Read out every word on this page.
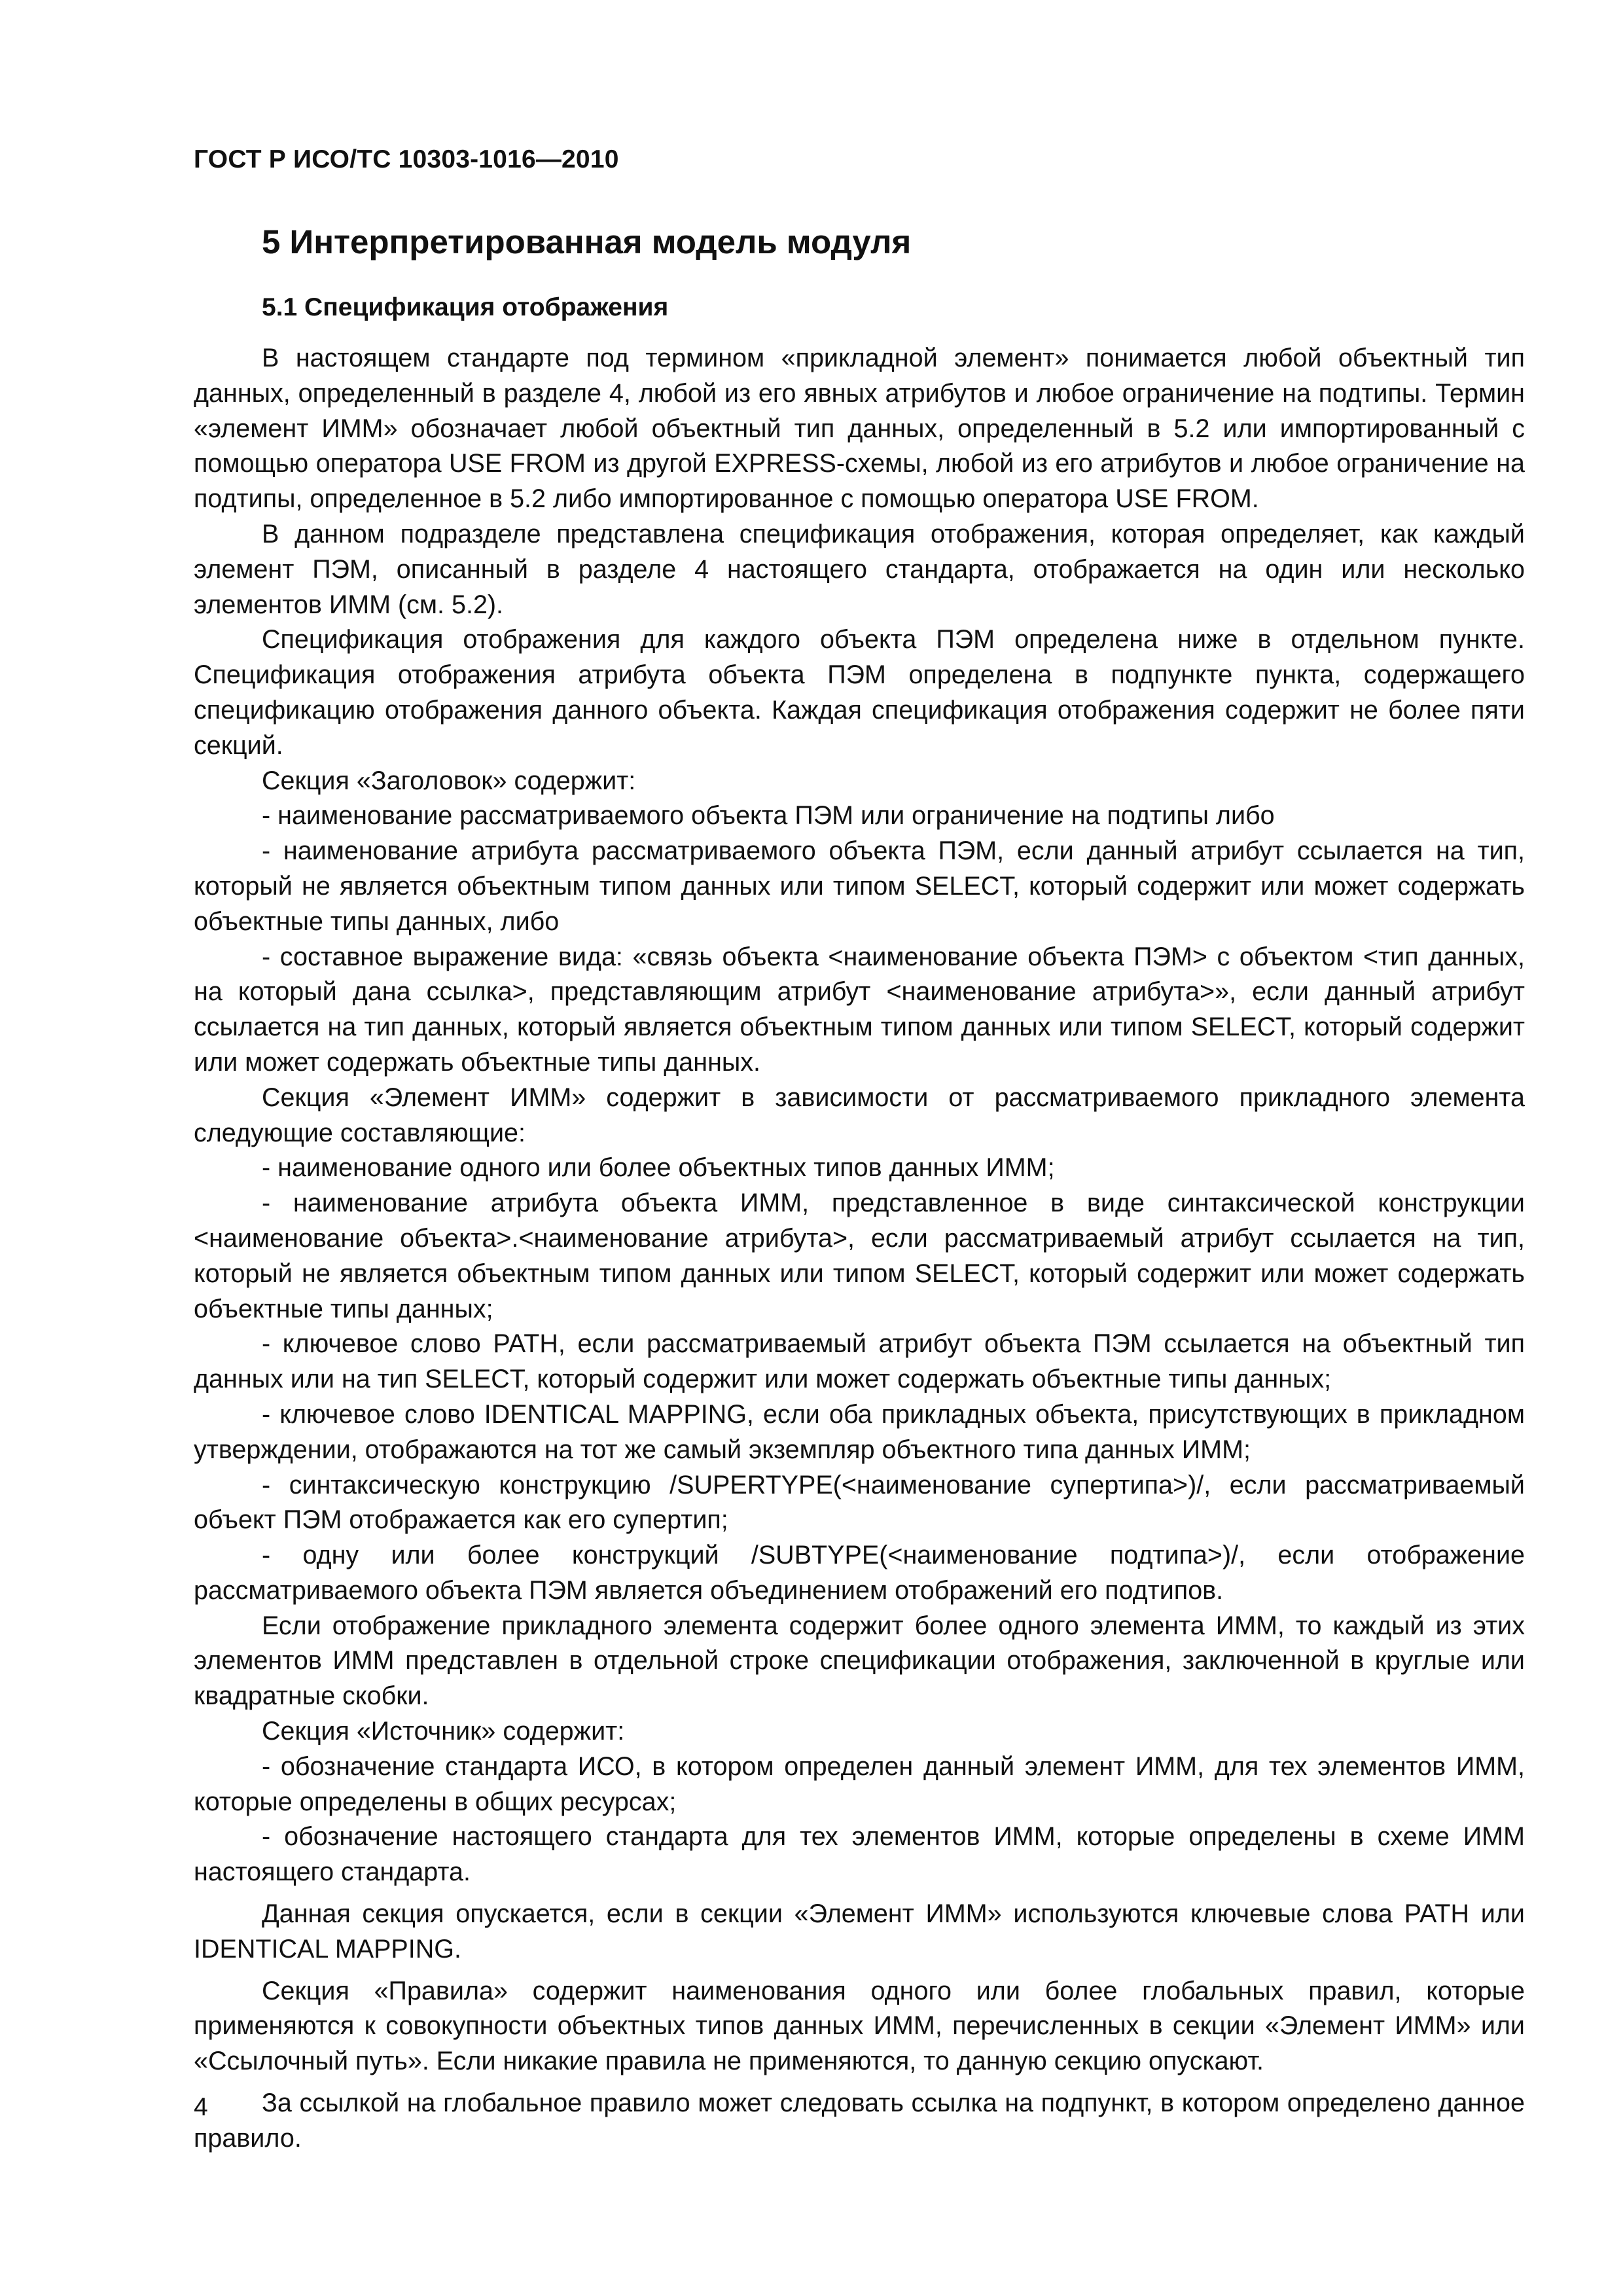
ГОСТ Р ИСО/ТС 10303-1016—2010
5 Интерпретированная модель модуля
5.1 Спецификация отображения

В настоящем стандарте под термином «прикладной элемент» понимается любой объектный тип данных, определенный в разделе 4, любой из его явных атрибутов и любое ограничение на подтипы. Термин «элемент ИММ» обозначает любой объектный тип данных, определенный в 5.2 или импортированный с помощью оператора USE FROM из другой EXPRESS-схемы, любой из его атрибутов и любое ограничение на подтипы, определенное в 5.2 либо импортированное с помощью оператора USE FROM.

В данном подразделе представлена спецификация отображения, которая определяет, как каждый элемент ПЭМ, описанный в разделе 4 настоящего стандарта, отображается на один или несколько элементов ИММ (см. 5.2).

Спецификация отображения для каждого объекта ПЭМ определена ниже в отдельном пункте. Спецификация отображения атрибута объекта ПЭМ определена в подпункте пункта, содержащего спецификацию отображения данного объекта. Каждая спецификация отображения содержит не более пяти секций.

Секция «Заголовок» содержит:

- наименование рассматриваемого объекта ПЭМ или ограничение на подтипы либо

- наименование атрибута рассматриваемого объекта ПЭМ, если данный атрибут ссылается на тип, который не является объектным типом данных или типом SELECT, который содержит или может содержать объектные типы данных, либо

- составное выражение вида: «связь объекта <наименование объекта ПЭМ> с объектом <тип данных, на который дана ссылка>, представляющим атрибут <наименование атрибута>», если данный атрибут ссылается на тип данных, который является объектным типом данных или типом SELECT, который содержит или может содержать объектные типы данных.

Секция «Элемент ИММ» содержит в зависимости от рассматриваемого прикладного элемента следующие составляющие:

- наименование одного или более объектных типов данных ИММ;

- наименование атрибута объекта ИММ, представленное в виде синтаксической конструкции <наименование объекта>.<наименование атрибута>, если рассматриваемый атрибут ссылается на тип, который не является объектным типом данных или типом SELECT, который содержит или может содержать объектные типы данных;

- ключевое слово PATH, если рассматриваемый атрибут объекта ПЭМ ссылается на объектный тип данных или на тип SELECT, который содержит или может содержать объектные типы данных;

- ключевое слово IDENTICAL MAPPING, если оба прикладных объекта, присутствующих в прикладном утверждении, отображаются на тот же самый экземпляр объектного типа данных ИММ;

- синтаксическую конструкцию /SUPERTYPE(<наименование супертипа>)/, если рассматриваемый объект ПЭМ отображается как его супертип;

- одну или более конструкций /SUBTYPE(<наименование подтипа>)/, если отображение рассматриваемого объекта ПЭМ является объединением отображений его подтипов.

Если отображение прикладного элемента содержит более одного элемента ИММ, то каждый из этих элементов ИММ представлен в отдельной строке спецификации отображения, заключенной в круглые или квадратные скобки.

Секция «Источник» содержит:

- обозначение стандарта ИСО, в котором определен данный элемент ИММ, для тех элементов ИММ, которые определены в общих ресурсах;

- обозначение настоящего стандарта для тех элементов ИММ, которые определены в схеме ИММ настоящего стандарта.

Данная секция опускается, если в секции «Элемент ИММ» используются ключевые слова PATH или IDENTICAL MAPPING.

Секция «Правила» содержит наименования одного или более глобальных правил, которые применяются к совокупности объектных типов данных ИММ, перечисленных в секции «Элемент ИММ» или «Ссылочный путь». Если никакие правила не применяются, то данную секцию опускают.

За ссылкой на глобальное правило может следовать ссылка на подпункт, в котором определено данное правило.

4
